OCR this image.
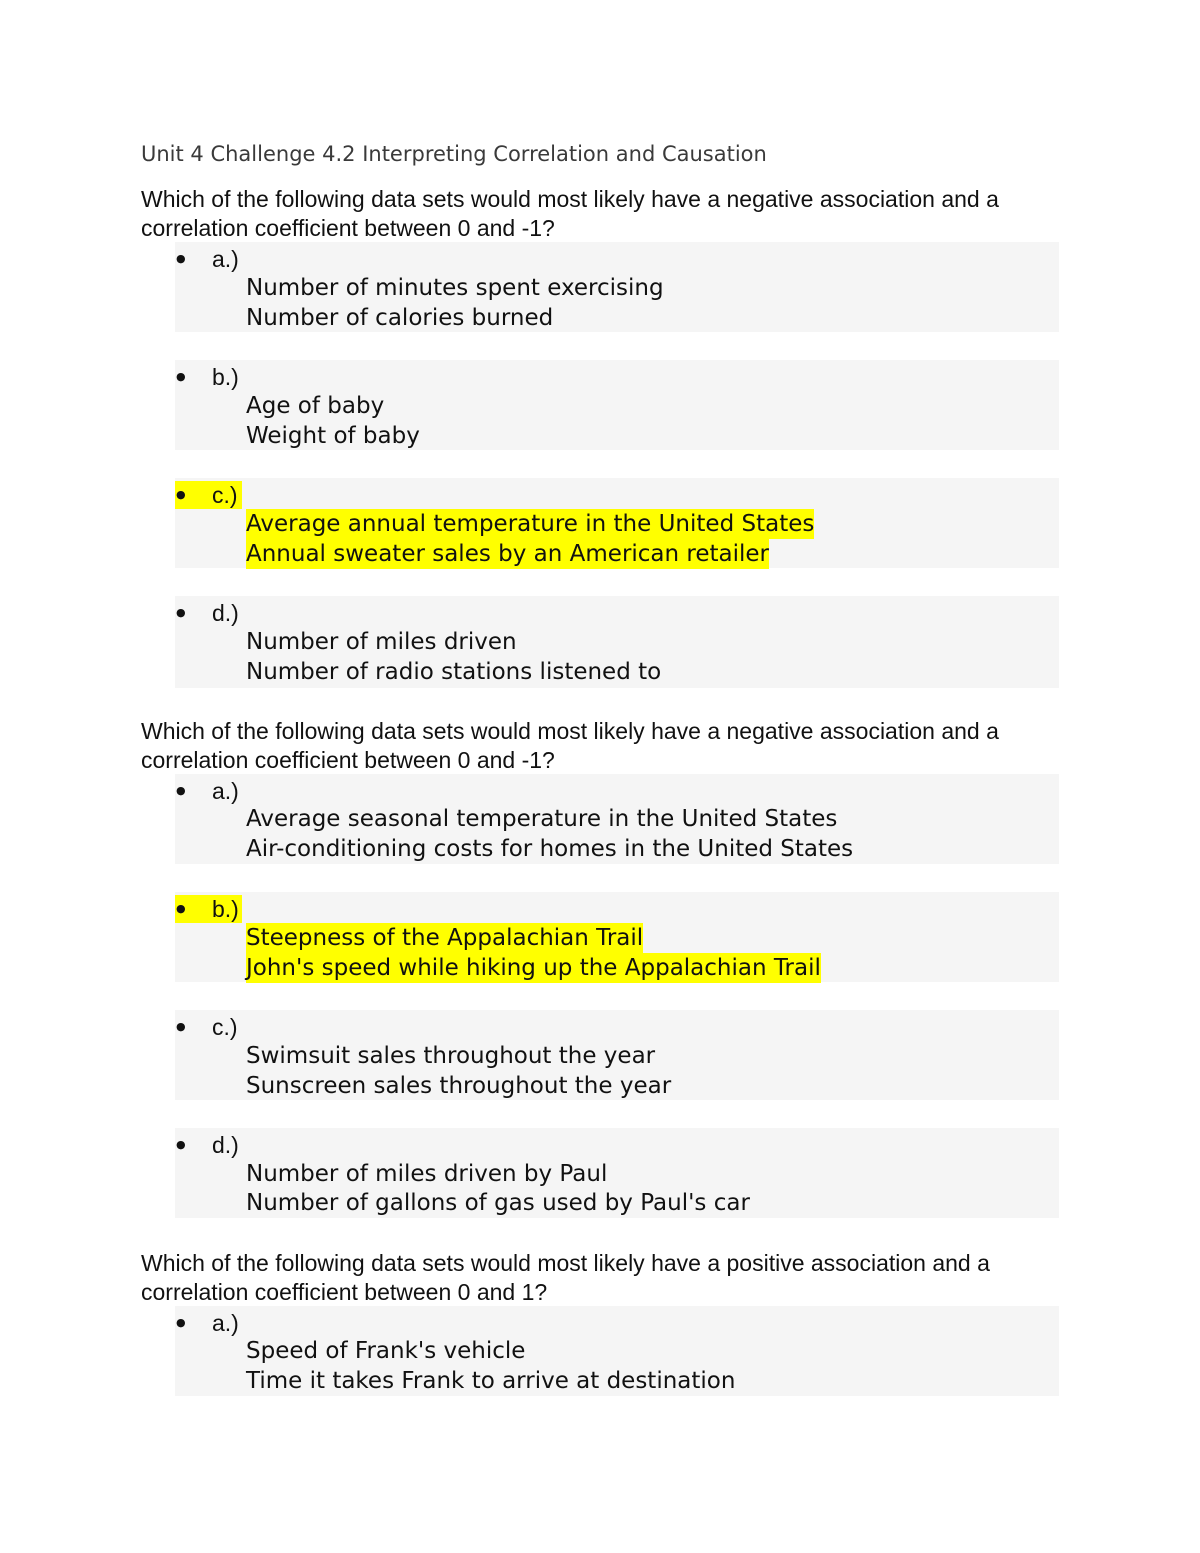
Unit 4 Challenge 4.2 Interpreting Correlation and Causation
Which of the following data sets would most likely have a negative association and a correlation coefficient between 0 and -1?
● a.)
Number of minutes spent exercising
Number of calories burned
● b.)
Age of baby
Weight of baby
● c.)
Average annual temperature in the United States
Annual sweater sales by an American retailer
● d.)
Number of miles driven
Number of radio stations listened to
Which of the following data sets would most likely have a negative association and a correlation coefficient between 0 and -1?
● a.)
Average seasonal temperature in the United States
Air-conditioning costs for homes in the United States
● b.)
Steepness of the Appalachian Trail
John's speed while hiking up the Appalachian Trail
● c.)
Swimsuit sales throughout the year
Sunscreen sales throughout the year
● d.)
Number of miles driven by Paul
Number of gallons of gas used by Paul's car
Which of the following data sets would most likely have a positive association and a correlation coefficient between 0 and 1?
● a.)
Speed of Frank's vehicle
Time it takes Frank to arrive at destination
